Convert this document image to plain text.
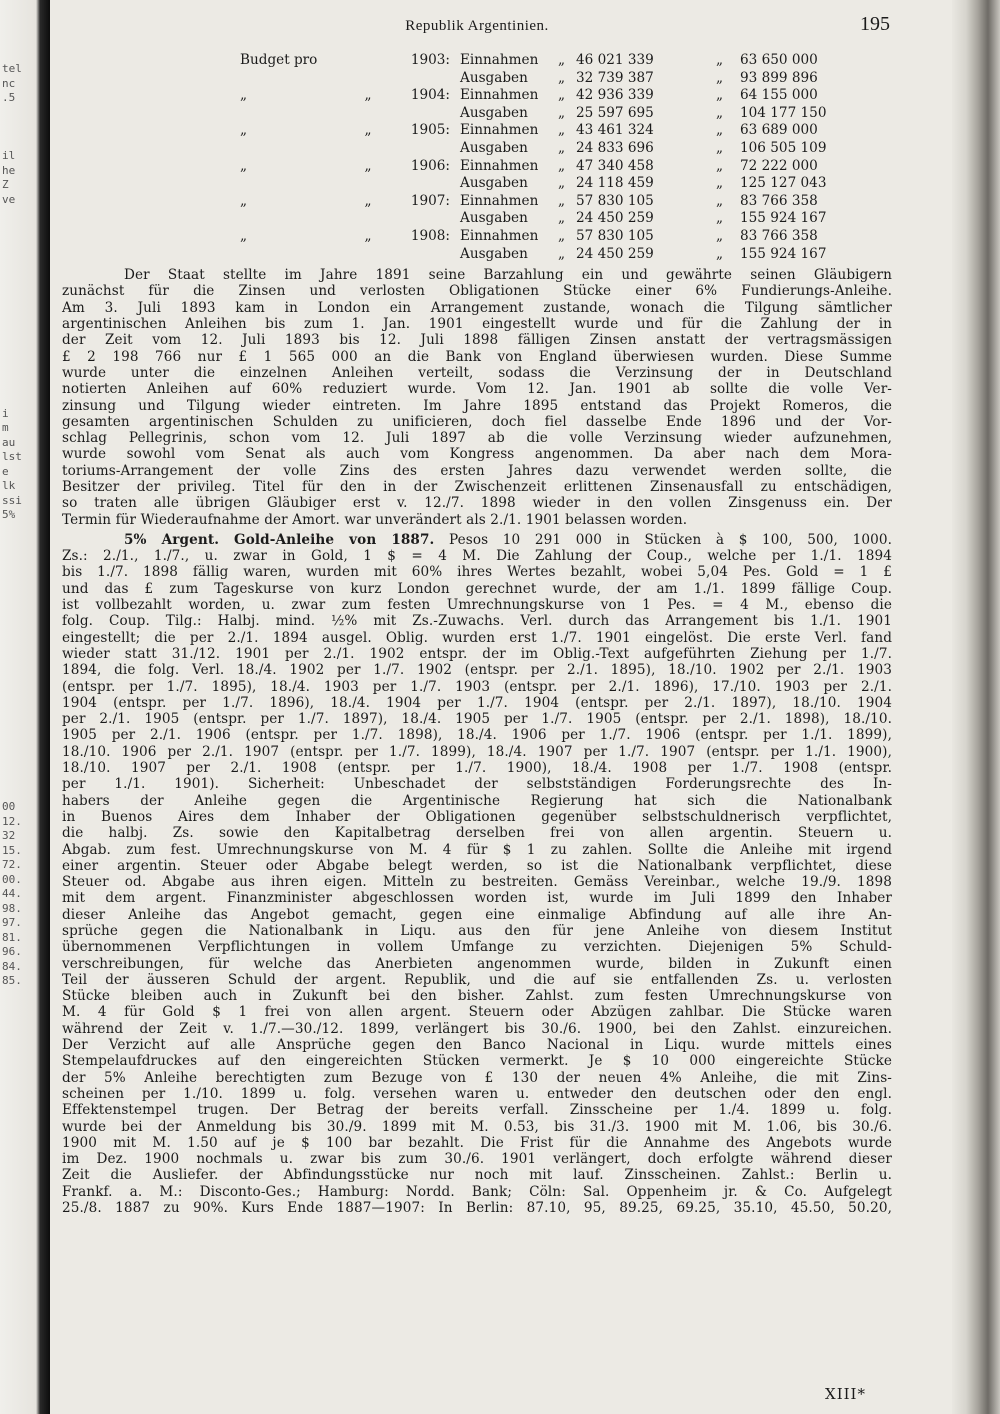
tel
nc
.5

il
he
Z
ve

i
m
au
lst
e
lk
ssi
5%
00
12.
32
15.
72.
00.
44.
98.
97.
81.
96.
84.
85.
Republik Argentinien.	195
Budget pro		1903:	Einnahmen	„	46 021 339	„	63 650 000
			Ausgaben	„	32 739 387	„	93 899 896
„	„	1904:	Einnahmen	„	42 936 339	„	64 155 000
			Ausgaben	„	25 597 695	„	104 177 150
„	„	1905:	Einnahmen	„	43 461 324	„	63 689 000
			Ausgaben	„	24 833 696	„	106 505 109
„	„	1906:	Einnahmen	„	47 340 458	„	72 222 000
			Ausgaben	„	24 118 459	„	125 127 043
„	„	1907:	Einnahmen	„	57 830 105	„	83 766 358
			Ausgaben	„	24 450 259	„	155 924 167
„	„	1908:	Einnahmen	„	57 830 105	„	83 766 358
			Ausgaben	„	24 450 259	„	155 924 167

Der Staat stellte im Jahre 1891 seine Barzahlung ein und gewährte seinen Gläubigern

zunächst für die Zinsen und verlosten Obligationen Stücke einer 6% Fundierungs-Anleihe.

Am 3. Juli 1893 kam in London ein Arrangement zustande, wonach die Tilgung sämtlicher

argentinischen Anleihen bis zum 1. Jan. 1901 eingestellt wurde und für die Zahlung der in

der Zeit vom 12. Juli 1893 bis 12. Juli 1898 fälligen Zinsen anstatt der vertragsmässigen

£ 2 198 766 nur £ 1 565 000 an die Bank von England überwiesen wurden. Diese Summe

wurde unter die einzelnen Anleihen verteilt, sodass die Verzinsung der in Deutschland

notierten Anleihen auf 60% reduziert wurde. Vom 12. Jan. 1901 ab sollte die volle Ver-

zinsung und Tilgung wieder eintreten. Im Jahre 1895 entstand das Projekt Romeros, die

gesamten argentinischen Schulden zu unificieren, doch fiel dasselbe Ende 1896 und der Vor-

schlag Pellegrinis, schon vom 12. Juli 1897 ab die volle Verzinsung wieder aufzunehmen,

wurde sowohl vom Senat als auch vom Kongress angenommen. Da aber nach dem Mora-

toriums-Arrangement der volle Zins des ersten Jahres dazu verwendet werden sollte, die

Besitzer der privileg. Titel für den in der Zwischenzeit erlittenen Zinsenausfall zu entschädigen,

so traten alle übrigen Gläubiger erst v. 12./7. 1898 wieder in den vollen Zinsgenuss ein. Der

Termin für Wiederaufnahme der Amort. war unverändert als 2./1. 1901 belassen worden.

5% Argent. Gold-Anleihe von 1887. Pesos 10 291 000 in Stücken à $ 100, 500, 1000.

Zs.: 2./1., 1./7., u. zwar in Gold, 1 $ = 4 M. Die Zahlung der Coup., welche per 1./1. 1894

bis 1./7. 1898 fällig waren, wurden mit 60% ihres Wertes bezahlt, wobei 5,04 Pes. Gold = 1 £

und das £ zum Tageskurse von kurz London gerechnet wurde, der am 1./1. 1899 fällige Coup.

ist vollbezahlt worden, u. zwar zum festen Umrechnungskurse von 1 Pes. = 4 M., ebenso die

folg. Coup. Tilg.: Halbj. mind. ½% mit Zs.-Zuwachs. Verl. durch das Arrangement bis 1./1. 1901

eingestellt; die per 2./1. 1894 ausgel. Oblig. wurden erst 1./7. 1901 eingelöst. Die erste Verl. fand

wieder statt 31./12. 1901 per 2./1. 1902 entspr. der im Oblig.-Text aufgeführten Ziehung per 1./7.

1894, die folg. Verl. 18./4. 1902 per 1./7. 1902 (entspr. per 2./1. 1895), 18./10. 1902 per 2./1. 1903

(entspr. per 1./7. 1895), 18./4. 1903 per 1./7. 1903 (entspr. per 2./1. 1896), 17./10. 1903 per 2./1.

1904 (entspr. per 1./7. 1896), 18./4. 1904 per 1./7. 1904 (entspr. per 2./1. 1897), 18./10. 1904

per 2./1. 1905 (entspr. per 1./7. 1897), 18./4. 1905 per 1./7. 1905 (entspr. per 2./1. 1898), 18./10.

1905 per 2./1. 1906 (entspr. per 1./7. 1898), 18./4. 1906 per 1./7. 1906 (entspr. per 1./1. 1899),

18./10. 1906 per 2./1. 1907 (entspr. per 1./7. 1899), 18./4. 1907 per 1./7. 1907 (entspr. per 1./1. 1900),

18./10. 1907 per 2./1. 1908 (entspr. per 1./7. 1900), 18./4. 1908 per 1./7. 1908 (entspr.

per 1./1. 1901). Sicherheit: Unbeschadet der selbstständigen Forderungsrechte des In-

habers der Anleihe gegen die Argentinische Regierung hat sich die Nationalbank

in Buenos Aires dem Inhaber der Obligationen gegenüber selbstschuldnerisch verpflichtet,

die halbj. Zs. sowie den Kapitalbetrag derselben frei von allen argentin. Steuern u.

Abgab. zum fest. Umrechnungskurse von M. 4 für $ 1 zu zahlen. Sollte die Anleihe mit irgend

einer argentin. Steuer oder Abgabe belegt werden, so ist die Nationalbank verpflichtet, diese

Steuer od. Abgabe aus ihren eigen. Mitteln zu bestreiten. Gemäss Vereinbar., welche 19./9. 1898

mit dem argent. Finanzminister abgeschlossen worden ist, wurde im Juli 1899 den Inhaber

dieser Anleihe das Angebot gemacht, gegen eine einmalige Abfindung auf alle ihre An-

sprüche gegen die Nationalbank in Liqu. aus den für jene Anleihe von diesem Institut

übernommenen Verpflichtungen in vollem Umfange zu verzichten. Diejenigen 5% Schuld-

verschreibungen, für welche das Anerbieten angenommen wurde, bilden in Zukunft einen

Teil der äusseren Schuld der argent. Republik, und die auf sie entfallenden Zs. u. verlosten

Stücke bleiben auch in Zukunft bei den bisher. Zahlst. zum festen Umrechnungskurse von

M. 4 für Gold $ 1 frei von allen argent. Steuern oder Abzügen zahlbar. Die Stücke waren

während der Zeit v. 1./7.—30./12. 1899, verlängert bis 30./6. 1900, bei den Zahlst. einzureichen.

Der Verzicht auf alle Ansprüche gegen den Banco Nacional in Liqu. wurde mittels eines

Stempelaufdruckes auf den eingereichten Stücken vermerkt. Je $ 10 000 eingereichte Stücke

der 5% Anleihe berechtigten zum Bezuge von £ 130 der neuen 4% Anleihe, die mit Zins-

scheinen per 1./10. 1899 u. folg. versehen waren u. entweder den deutschen oder den engl.

Effektenstempel trugen. Der Betrag der bereits verfall. Zinsscheine per 1./4. 1899 u. folg.

wurde bei der Anmeldung bis 30./9. 1899 mit M. 0.53, bis 31./3. 1900 mit M. 1.06, bis 30./6.

1900 mit M. 1.50 auf je $ 100 bar bezahlt. Die Frist für die Annahme des Angebots wurde

im Dez. 1900 nochmals u. zwar bis zum 30./6. 1901 verlängert, doch erfolgte während dieser

Zeit die Ausliefer. der Abfindungsstücke nur noch mit lauf. Zinsscheinen. Zahlst.: Berlin u.

Frankf. a. M.: Disconto-Ges.; Hamburg: Nordd. Bank; Cöln: Sal. Oppenheim jr. & Co. Aufgelegt

25./8. 1887 zu 90%. Kurs Ende 1887—1907: In Berlin: 87.10, 95, 89.25, 69.25, 35.10, 45.50, 50.20,

XIII*
